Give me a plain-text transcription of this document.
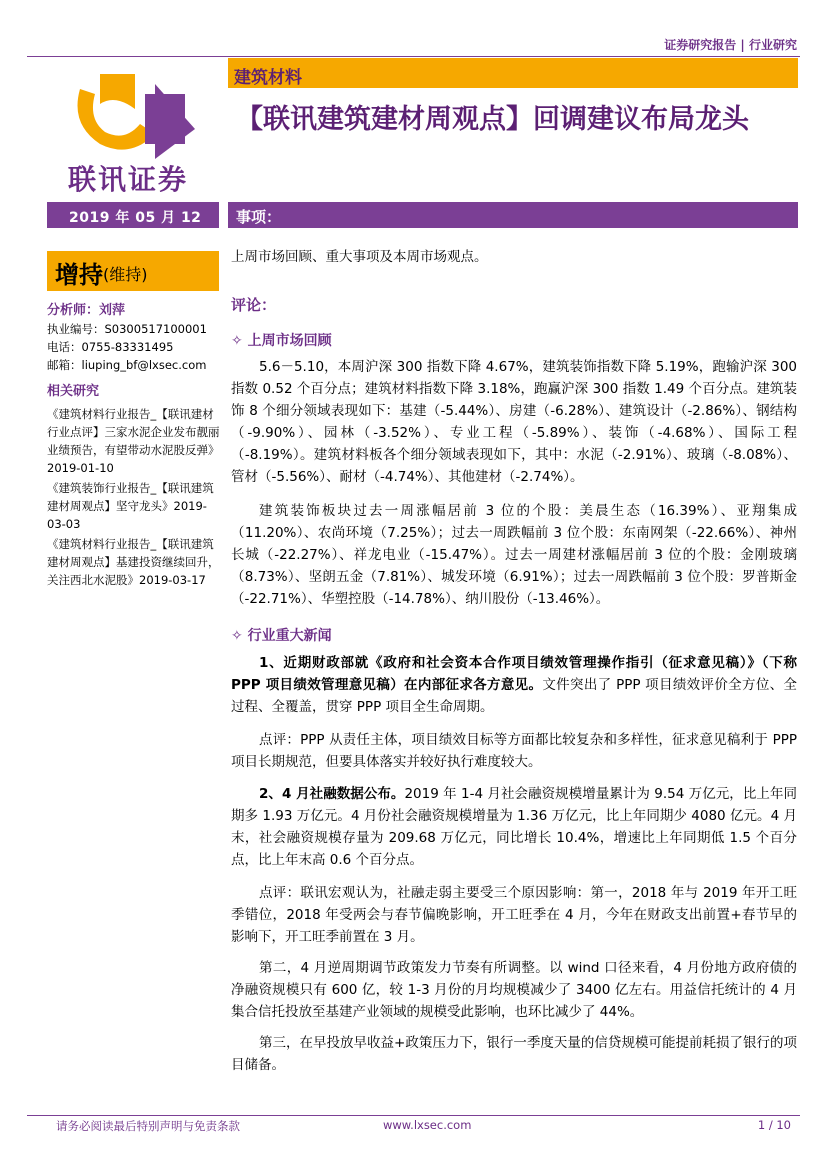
证券研究报告 | 行业研究
联讯证券
建筑材料
【联讯建筑建材周观点】回调建议布局龙头
2019 年 05 月 12 日
事项：
增持 (维持)
分析师：刘萍
执业编号：S0300517100001
电话：0755-83331495
邮箱：liuping_bf@lxsec.com
相关研究
《建筑材料行业报告_【联讯建材行业点评】三家水泥企业发布靓丽业绩预告，有望带动水泥股反弹》2019-01-10
《建筑装饰行业报告_【联讯建筑建材周观点】坚守龙头》2019-03-03
《建筑材料行业报告_【联讯建筑建材周观点】基建投资继续回升，关注西北水泥股》2019-03-17
上周市场回顾、重大事项及本周市场观点。
评论：
✧ 上周市场回顾
5.6－5.10，本周沪深 300 指数下降 4.67%，建筑装饰指数下降 5.19%，跑输沪深 300 指数 0.52 个百分点；建筑材料指数下降 3.18%，跑赢沪深 300 指数 1.49 个百分点。建筑装饰 8 个细分领域表现如下：基建（-5.44%）、房建（-6.28%）、建筑设计（-2.86%）、钢结构（-9.90%）、园林（-3.52%）、专业工程（-5.89%）、装饰（-4.68%）、国际工程（-8.19%）。建筑材料板各个细分领域表现如下，其中：水泥（-2.91%）、玻璃（-8.08%）、管材（-5.56%）、耐材（-4.74%）、其他建材（-2.74%）。
建筑装饰板块过去一周涨幅居前 3 位的个股：美晨生态（16.39%）、亚翔集成（11.20%）、农尚环境（7.25%）；过去一周跌幅前 3 位个股：东南网架（-22.66%）、神州长城（-22.27%）、祥龙电业（-15.47%）。过去一周建材涨幅居前 3 位的个股：金刚玻璃（8.73%）、坚朗五金（7.81%）、城发环境（6.91%）；过去一周跌幅前 3 位个股：罗普斯金（-22.71%）、华塑控股（-14.78%）、纳川股份（-13.46%）。
✧ 行业重大新闻
1、近期财政部就《政府和社会资本合作项目绩效管理操作指引（征求意见稿）》（下称 PPP 项目绩效管理意见稿）在内部征求各方意见。文件突出了 PPP 项目绩效评价全方位、全过程、全覆盖，贯穿 PPP 项目全生命周期。
点评：PPP 从责任主体，项目绩效目标等方面都比较复杂和多样性，征求意见稿利于 PPP 项目长期规范，但要具体落实并较好执行难度较大。
2、4 月社融数据公布。2019 年 1-4 月社会融资规模增量累计为 9.54 万亿元，比上年同期多 1.93 万亿元。4 月份社会融资规模增量为 1.36 万亿元，比上年同期少 4080 亿元。4 月末，社会融资规模存量为 209.68 万亿元，同比增长 10.4%，增速比上年同期低 1.5 个百分点，比上年末高 0.6 个百分点。
点评：联讯宏观认为，社融走弱主要受三个原因影响：第一，2018 年与 2019 年开工旺季错位，2018 年受两会与春节偏晚影响，开工旺季在 4 月，今年在财政支出前置+春节早的影响下，开工旺季前置在 3 月。
第二，4 月逆周期调节政策发力节奏有所调整。以 wind 口径来看，4 月份地方政府债的净融资规模只有 600 亿，较 1-3 月份的月均规模减少了 3400 亿左右。用益信托统计的 4 月集合信托投放至基建产业领域的规模受此影响，也环比减少了 44%。
第三，在早投放早收益+政策压力下，银行一季度天量的信贷规模可能提前耗损了银行的项目储备。
请务必阅读最后特别声明与免责条款	www.lxsec.com	1 / 10
